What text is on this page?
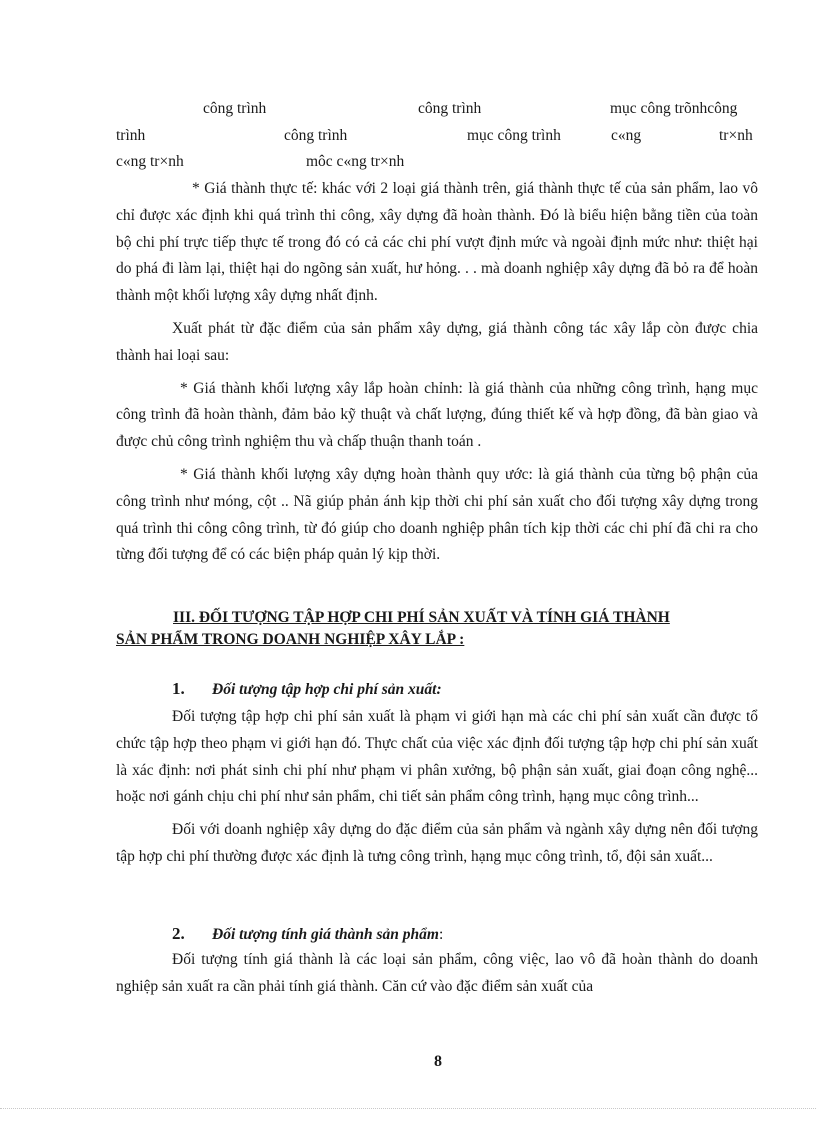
công trình	công trình	mục công trõnhcông
trình	công trình	mục công trình	c«ng	tr×nh
c«ng tr×nh	môc c«ng tr×nh

* Giá thành thực tế: khác với 2 loại giá thành trên, giá thành thực tế của sản phẩm, lao vô chỉ được xác định khi quá trình thi công, xây dựng đã hoàn thành. Đó là biểu hiện bằng tiền của toàn bộ chi phí trực tiếp thực tế trong đó có cả các chi phí vượt định mức và ngoài định mức như: thiệt hại do phá đi làm lại, thiệt hại do ngõng sản xuất, hư hỏng. . . mà doanh nghiệp xây dựng đã bỏ ra để hoàn thành một khối lượng xây dựng nhất định.

Xuất phát từ đặc điểm của sản phẩm xây dựng, giá thành công tác xây lắp còn được chia thành hai loại sau:

* Giá thành khối lượng xây lắp hoàn chỉnh: là giá thành của những công trình, hạng mục công trình đã hoàn thành, đảm bảo kỹ thuật và chất lượng, đúng thiết kế và hợp đồng, đã bàn giao và được chủ công trình nghiệm thu và chấp thuận thanh toán .

* Giá thành khối lượng xây dựng hoàn thành quy ước: là giá thành của từng bộ phận của công trình như móng, cột .. Nã giúp phản ánh kịp thời chi phí sản xuất cho đối tượng xây dựng trong quá trình thi công công trình, từ đó giúp cho doanh nghiệp phân tích kịp thời các chi phí đã chi ra cho từng đối tượng để có các biện pháp quản lý kịp thời.

III. ĐỐI TƯỢNG TẬP HỢP CHI PHÍ SẢN XUẤT VÀ TÍNH GIÁ THÀNH
SẢN PHẨM TRONG DOANH NGHIỆP XÂY LẮP :
1. Đối tượng tập hợp chi phí sản xuất:

Đối tượng tập hợp chi phí sản xuất là phạm vi giới hạn mà các chi phí sản xuất cần được tổ chức tập hợp theo phạm vi giới hạn đó. Thực chất của việc xác định đối tượng tập hợp chi phí sản xuất là xác định: nơi phát sinh chi phí như phạm vi phân xưởng, bộ phận sản xuất, giai đoạn công nghệ... hoặc nơi gánh chịu chi phí như sản phẩm, chi tiết sản phẩm công trình, hạng mục công trình...

Đối với doanh nghiệp xây dựng do đặc điểm của sản phẩm và ngành xây dựng nên đối tượng tập hợp chi phí thường được xác định là tưng công trình, hạng mục công trình, tổ, đội sản xuất...

2. Đối tượng tính giá thành sản phẩm:

Đối tượng tính giá thành là các loại sản phẩm, công việc, lao vô đã hoàn thành do doanh nghiệp sản xuất ra cần phải tính giá thành. Căn cứ vào đặc điểm sản xuất của

8
